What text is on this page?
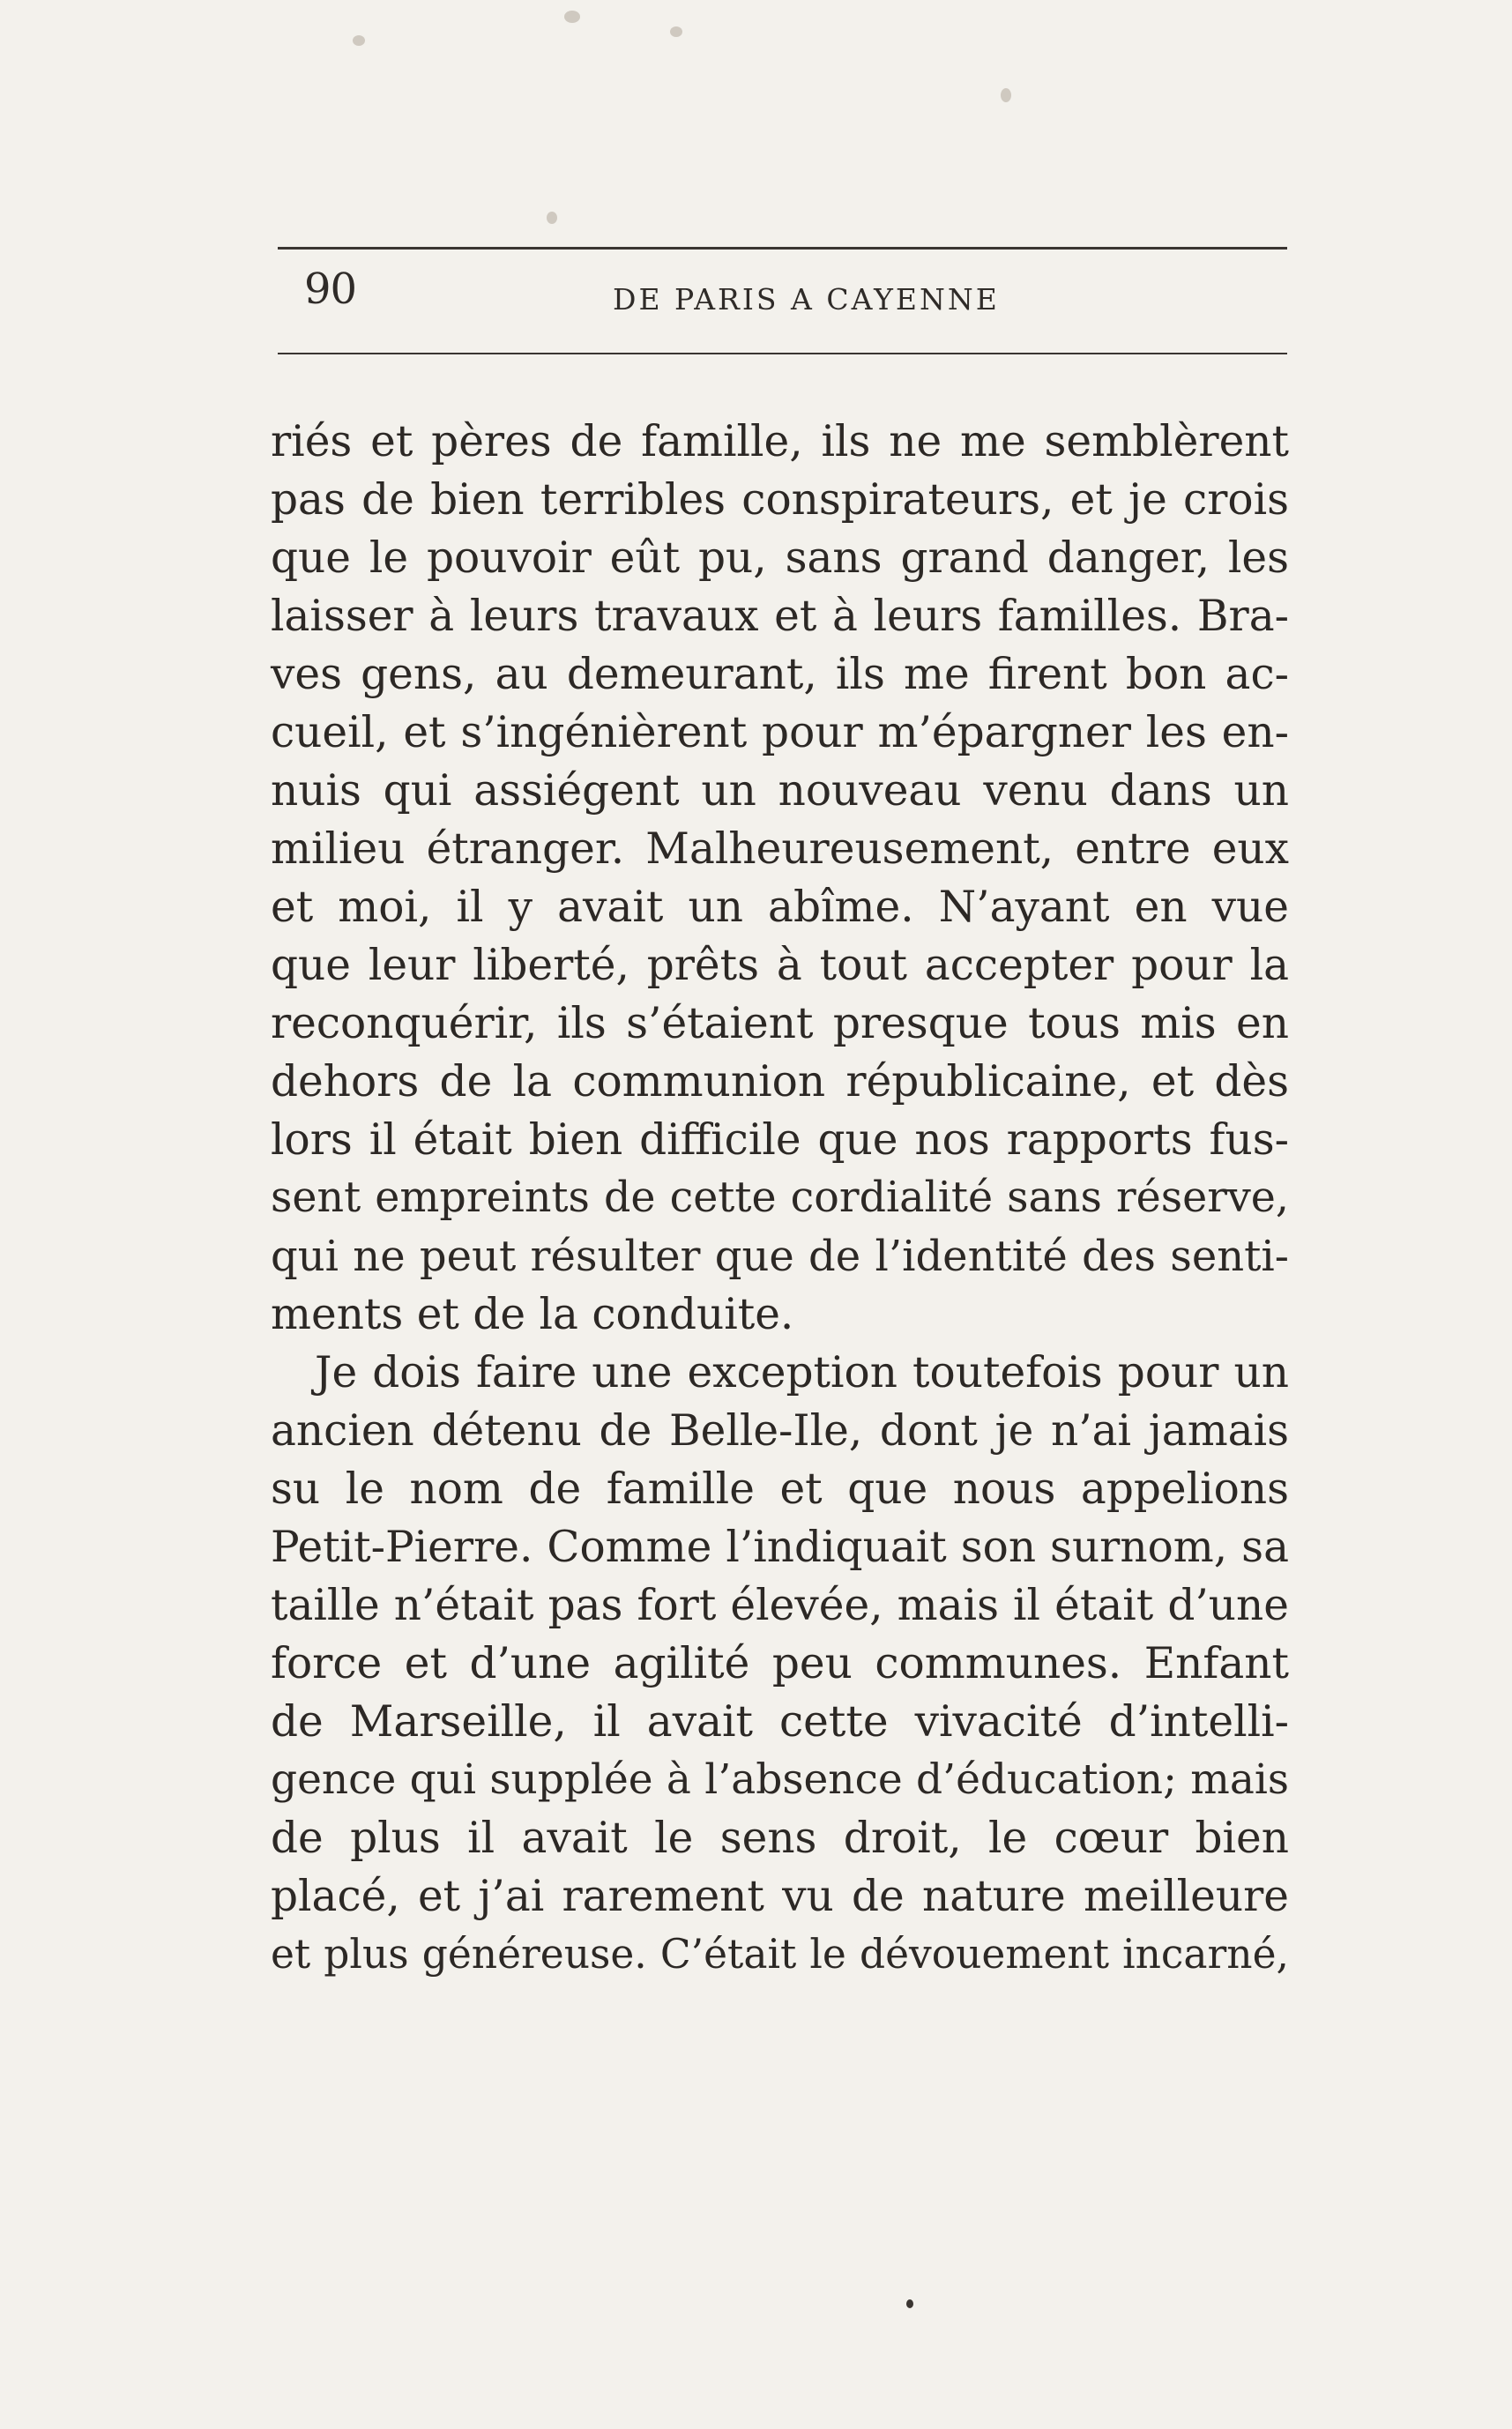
90	DE PARIS A CAYENNE
riés et pères de famille, ils ne me semblèrent
pas de bien terribles conspirateurs, et je crois
que le pouvoir eût pu, sans grand danger, les
laisser à leurs travaux et à leurs familles. Bra-
ves gens, au demeurant, ils me firent bon ac-
cueil, et s’ingénièrent pour m’épargner les en-
nuis qui assiégent un nouveau venu dans un
milieu étranger. Malheureusement, entre eux
et moi, il y avait un abîme. N’ayant en vue
que leur liberté, prêts à tout accepter pour la
reconquérir, ils s’étaient presque tous mis en
dehors de la communion républicaine, et dès
lors il était bien difficile que nos rapports fus-
sent empreints de cette cordialité sans réserve,
qui ne peut résulter que de l’identité des senti-
ments et de la conduite.
Je dois faire une exception toutefois pour un
ancien détenu de Belle-Ile, dont je n’ai jamais
su le nom de famille et que nous appelions
Petit-Pierre. Comme l’indiquait son surnom, sa
taille n’était pas fort élevée, mais il était d’une
force et d’une agilité peu communes. Enfant
de Marseille, il avait cette vivacité d’intelli-
gence qui supplée à l’absence d’éducation; mais
de plus il avait le sens droit, le cœur bien
placé, et j’ai rarement vu de nature meilleure
et plus généreuse. C’était le dévouement incarné,
